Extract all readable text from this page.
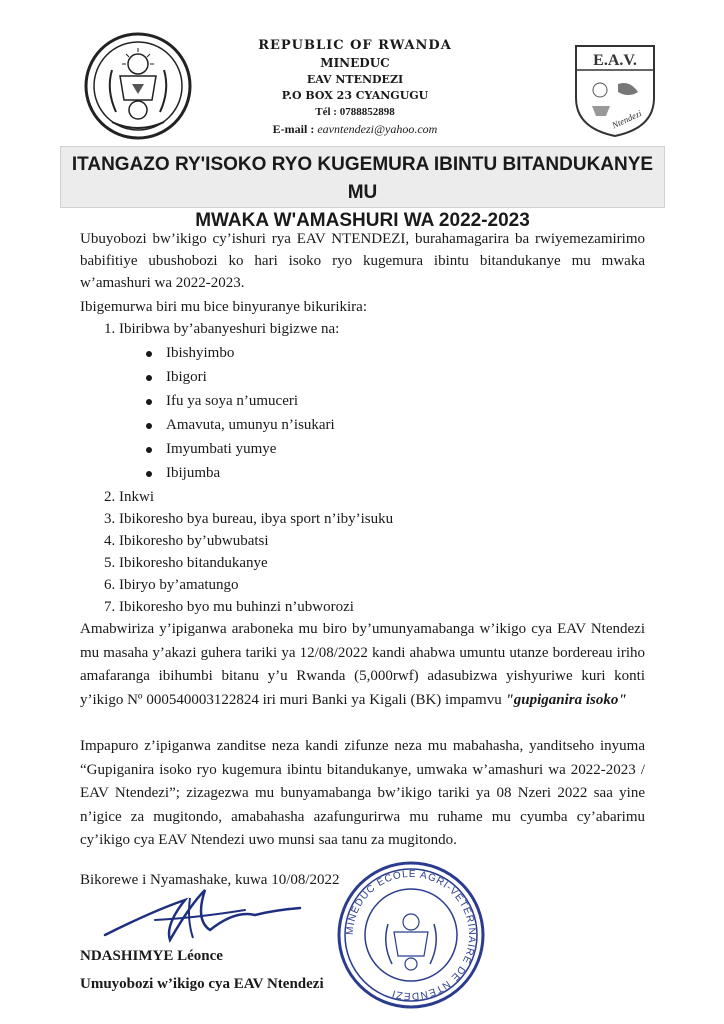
REPUBLIC OF RWANDA
MINEDUC
EAV NTENDEZI
P.O BOX 23 CYANGUGU
Tél : 0788852898
E-mail : eavntendezi@yahoo.com
E.A.V.
Ntendezi
ITANGAZO RY'ISOKO RYO KUGEMURA IBINTU BITANDUKANYE MU
MWAKA W'AMASHURI WA 2022-2023
Ubuyobozi bw’ikigo cy’ishuri rya EAV NTENDEZI, burahamagarira ba rwiyemezamirimo babifitiye ubushobozi ko hari isoko ryo kugemura ibintu bitandukanye mu mwaka w’amashuri wa 2022-2023.
Ibigemurwa biri mu bice binyuranye bikurikira:
1. Ibiribwa by’abanyeshuri bigizwe na:
Ibishyimbo
Ibigori
Ifu ya soya n’umuceri
Amavuta, umunyu n’isukari
Imyumbati yumye
Ibijumba
2. Inkwi
3. Ibikoresho bya bureau, ibya sport n’iby’isuku
4. Ibikoresho by’ubwubatsi
5. Ibikoresho bitandukanye
6. Ibiryo by’amatungo
7. Ibikoresho byo mu buhinzi n’ubworozi
Amabwiriza y’ipiganwa araboneka mu biro by’umunyamabanga w’ikigo cya EAV Ntendezi mu masaha y’akazi guhera tariki ya 12/08/2022 kandi ahabwa umuntu utanze bordereau iriho amafaranga ibihumbi bitanu y’u Rwanda (5,000rwf) adasubizwa yishyuriwe kuri konti y’ikigo Nº 000540003122824 iri muri Banki ya Kigali (BK) impamvu "gupiganira isoko"
Impapuro z’ipiganwa zanditse neza kandi zifunze neza mu mabahasha, yanditseho inyuma “Gupiganira isoko ryo kugemura ibintu bitandukanye, umwaka w’amashuri wa 2022-2023 / EAV Ntendezi”; zizagezwa mu bunyamabanga bw’ikigo tariki ya 08 Nzeri 2022 saa yine n’igice za mugitondo, amabahasha azafungurirwa mu ruhame mu cyumba cy’abarimu cy’ikigo cya EAV Ntendezi uwo munsi saa tanu za mugitondo.
Bikorewe i Nyamashake, kuwa 10/08/2022
MINEDUC ECOLE AGRI-VETERINAIRE DE NTENDEZI
NDASHIMYE Léonce
Umuyobozi w’ikigo cya EAV Ntendezi
